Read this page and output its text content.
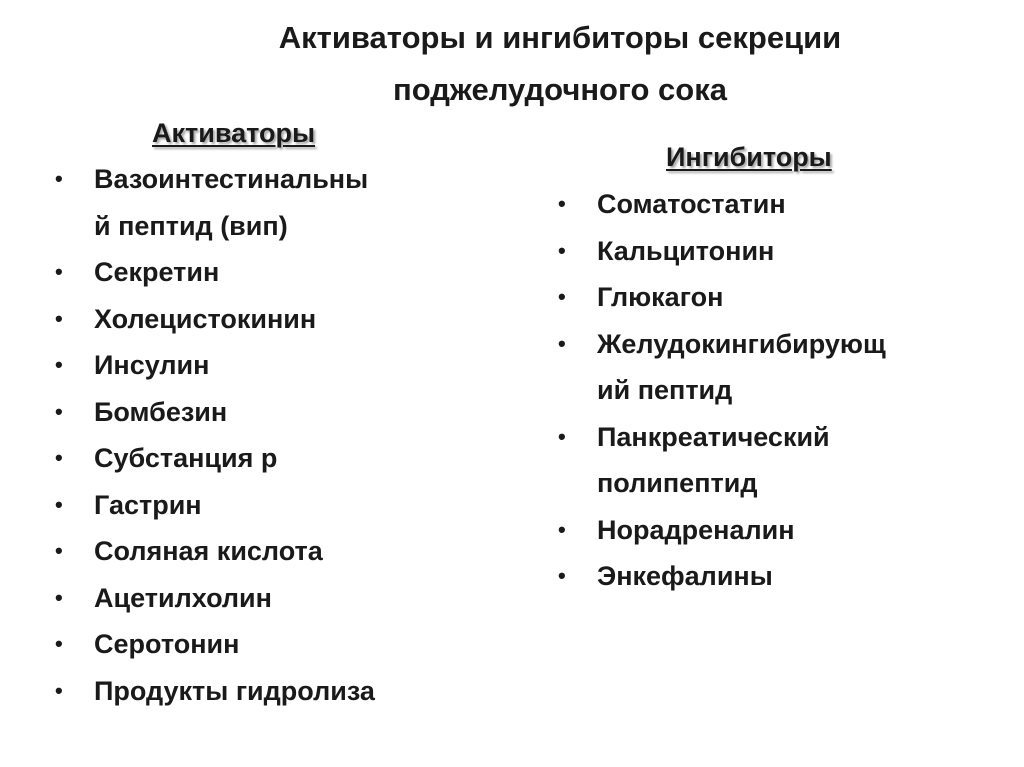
Активаторы и ингибиторы секреции
поджелудочного сока
Активаторы
• Вазоинтестинальны
й пептид (вип)
• Секретин
• Холецистокинин
• Инсулин
• Бомбезин
• Субстанция р
• Гастрин
• Соляная кислота
• Ацетилхолин
• Серотонин
• Продукты гидролиза
Ингибиторы
• Соматостатин
• Кальцитонин
• Глюкагон
• Желудокингибирующ
ий пептид
• Панкреатический
полипептид
• Норадреналин
• Энкефалины
